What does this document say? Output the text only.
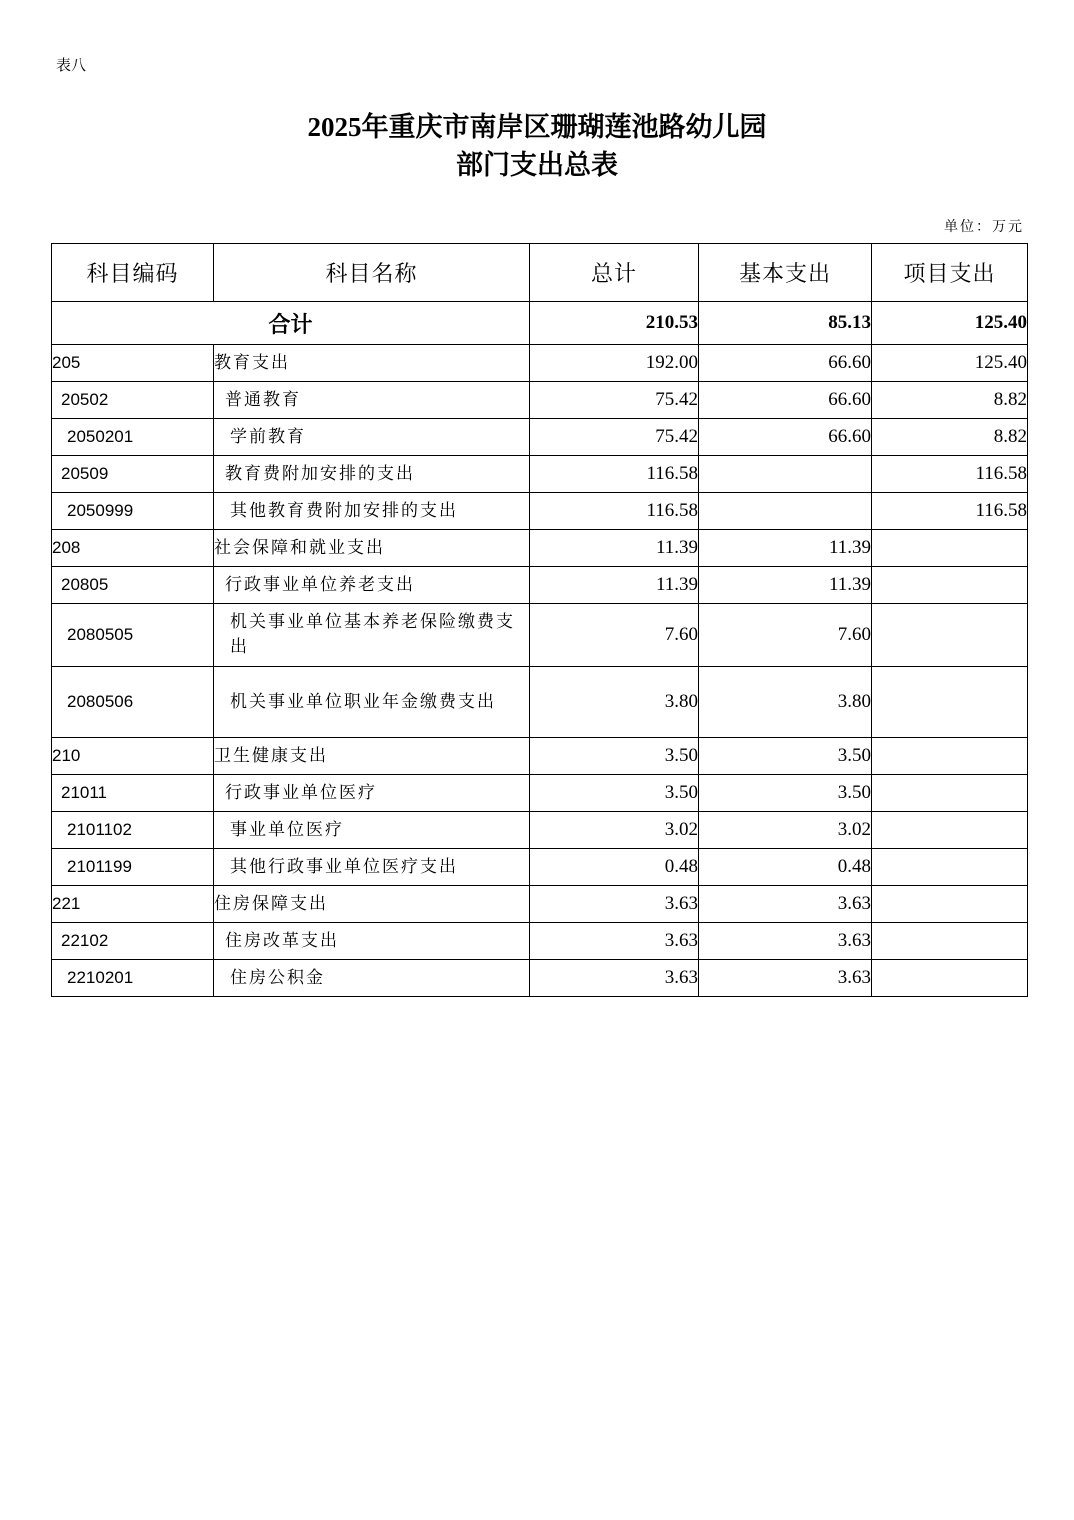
表八
2025年重庆市南岸区珊瑚莲池路幼儿园
部门支出总表
单位：万元
科目编码	科目名称	总计	基本支出	项目支出
合计		210.53	85.13	125.40
205	教育支出	192.00	66.60	125.40
20502	普通教育	75.42	66.60	8.82
2050201	学前教育	75.42	66.60	8.82
20509	教育费附加安排的支出	116.58		116.58
2050999	其他教育费附加安排的支出	116.58		116.58
208	社会保障和就业支出	11.39	11.39	
20805	行政事业单位养老支出	11.39	11.39	
2080505	机关事业单位基本养老保险缴费支出	7.60	7.60	
2080506	机关事业单位职业年金缴费支出	3.80	3.80	
210	卫生健康支出	3.50	3.50	
21011	行政事业单位医疗	3.50	3.50	
2101102	事业单位医疗	3.02	3.02	
2101199	其他行政事业单位医疗支出	0.48	0.48	
221	住房保障支出	3.63	3.63	
22102	住房改革支出	3.63	3.63	
2210201	住房公积金	3.63	3.63	
